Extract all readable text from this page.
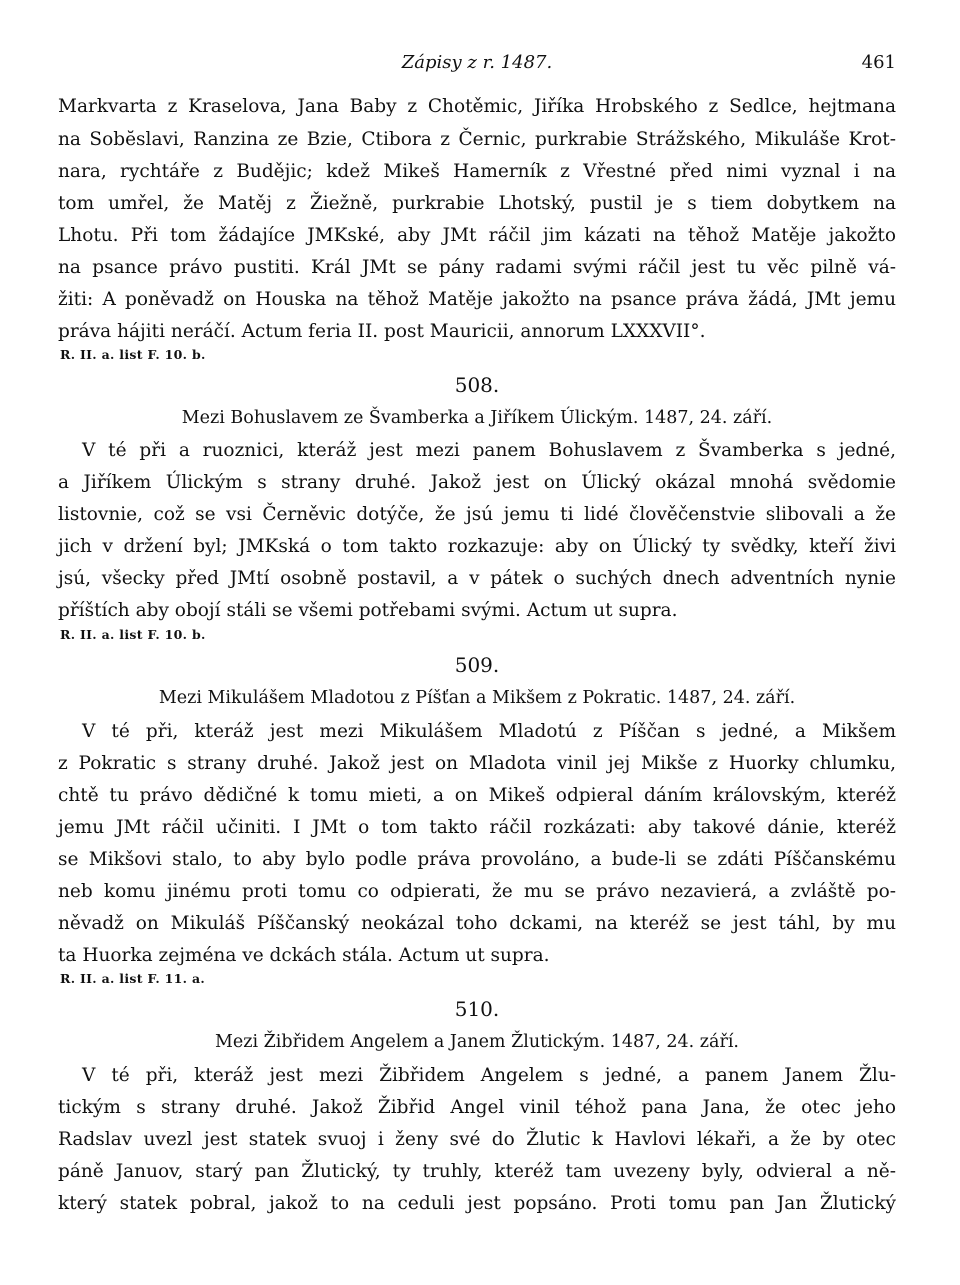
Zápisy z r. 1487.	461
Markvarta z Kraselova, Jana Baby z Chotěmic, Jiříka Hrobského z Sedlce, hejtmana
na Sobĕslavi, Ranzina ze Bzie, Ctibora z Černic, purkrabie Strážského, Mikuláše Krot-
nara, rychtáře z Budějic; kdež Mikeš Hamerník z Vřestné před nimi vyznal i na
tom umřel, že Matěj z Žiežně, purkrabie Lhotský, pustil je s tiem dobytkem na
Lhotu. Při tom žádajíce JMKské, aby JMt ráčil jim kázati na těhož Matěje jakožto
na psance právo pustiti. Král JMt se pány radami svými ráčil jest tu věc pilně vá-
žiti: A poněvadž on Houska na těhož Matěje jakožto na psance práva žádá, JMt jemu
práva hájiti neráčí. Actum feria II. post Mauricii, annorum LXXXVII°.
R. II. a. list F. 10. b.
508.
Mezi Bohuslavem ze Švamberka a Jiříkem Úlickým. 1487, 24. září.
V té při a ruoznici, kteráž jest mezi panem Bohuslavem z Švamberka s jedné,
a Jiříkem Úlickým s strany druhé. Jakož jest on Úlický okázal mnohá svědomie
listovnie, což se vsi Černěvic dotýče, že jsú jemu ti lidé člověčenstvie slibovali a že
jich v držení byl; JMKská o tom takto rozkazuje: aby on Úlický ty svědky, kteří živi
jsú, všecky před JMtí osobně postavil, a v pátek o suchých dnech adventních nynie
příštích aby obojí stáli se všemi potřebami svými. Actum ut supra.
R. II. a. list F. 10. b.
509.
Mezi Mikulášem Mladotou z Píšťan a Mikšem z Pokratic. 1487, 24. září.
V té při, kteráž jest mezi Mikulášem Mladotú z Píščan s jedné, a Mikšem
z Pokratic s strany druhé. Jakož jest on Mladota vinil jej Mikše z Huorky chlumku,
chtě tu právo dědičné k tomu mieti, a on Mikeš odpieral dáním královským, kteréž
jemu JMt ráčil učiniti. I JMt o tom takto ráčil rozkázati: aby takové dánie, kteréž
se Mikšovi stalo, to aby bylo podle práva provoláno, a bude-li se zdáti Píščanskému
neb komu jinému proti tomu co odpierati, že mu se právo nezavierá, a zvláště po-
něvadž on Mikuláš Píščanský neokázal toho dckami, na kteréž se jest táhl, by mu
ta Huorka zejména ve dckách stála. Actum ut supra.
R. II. a. list F. 11. a.
510.
Mezi Žibřidem Angelem a Janem Žlutickým. 1487, 24. září.
V té při, kteráž jest mezi Žibřidem Angelem s jedné, a panem Janem Žlu-
tickým s strany druhé. Jakož Žibřid Angel vinil téhož pana Jana, že otec jeho
Radslav uvezl jest statek svuoj i ženy své do Žlutic k Havlovi lékaři, a že by otec
páně Januov, starý pan Žlutický, ty truhly, kteréž tam uvezeny byly, odvieral a ně-
který statek pobral, jakož to na ceduli jest popsáno. Proti tomu pan Jan Žlutický
